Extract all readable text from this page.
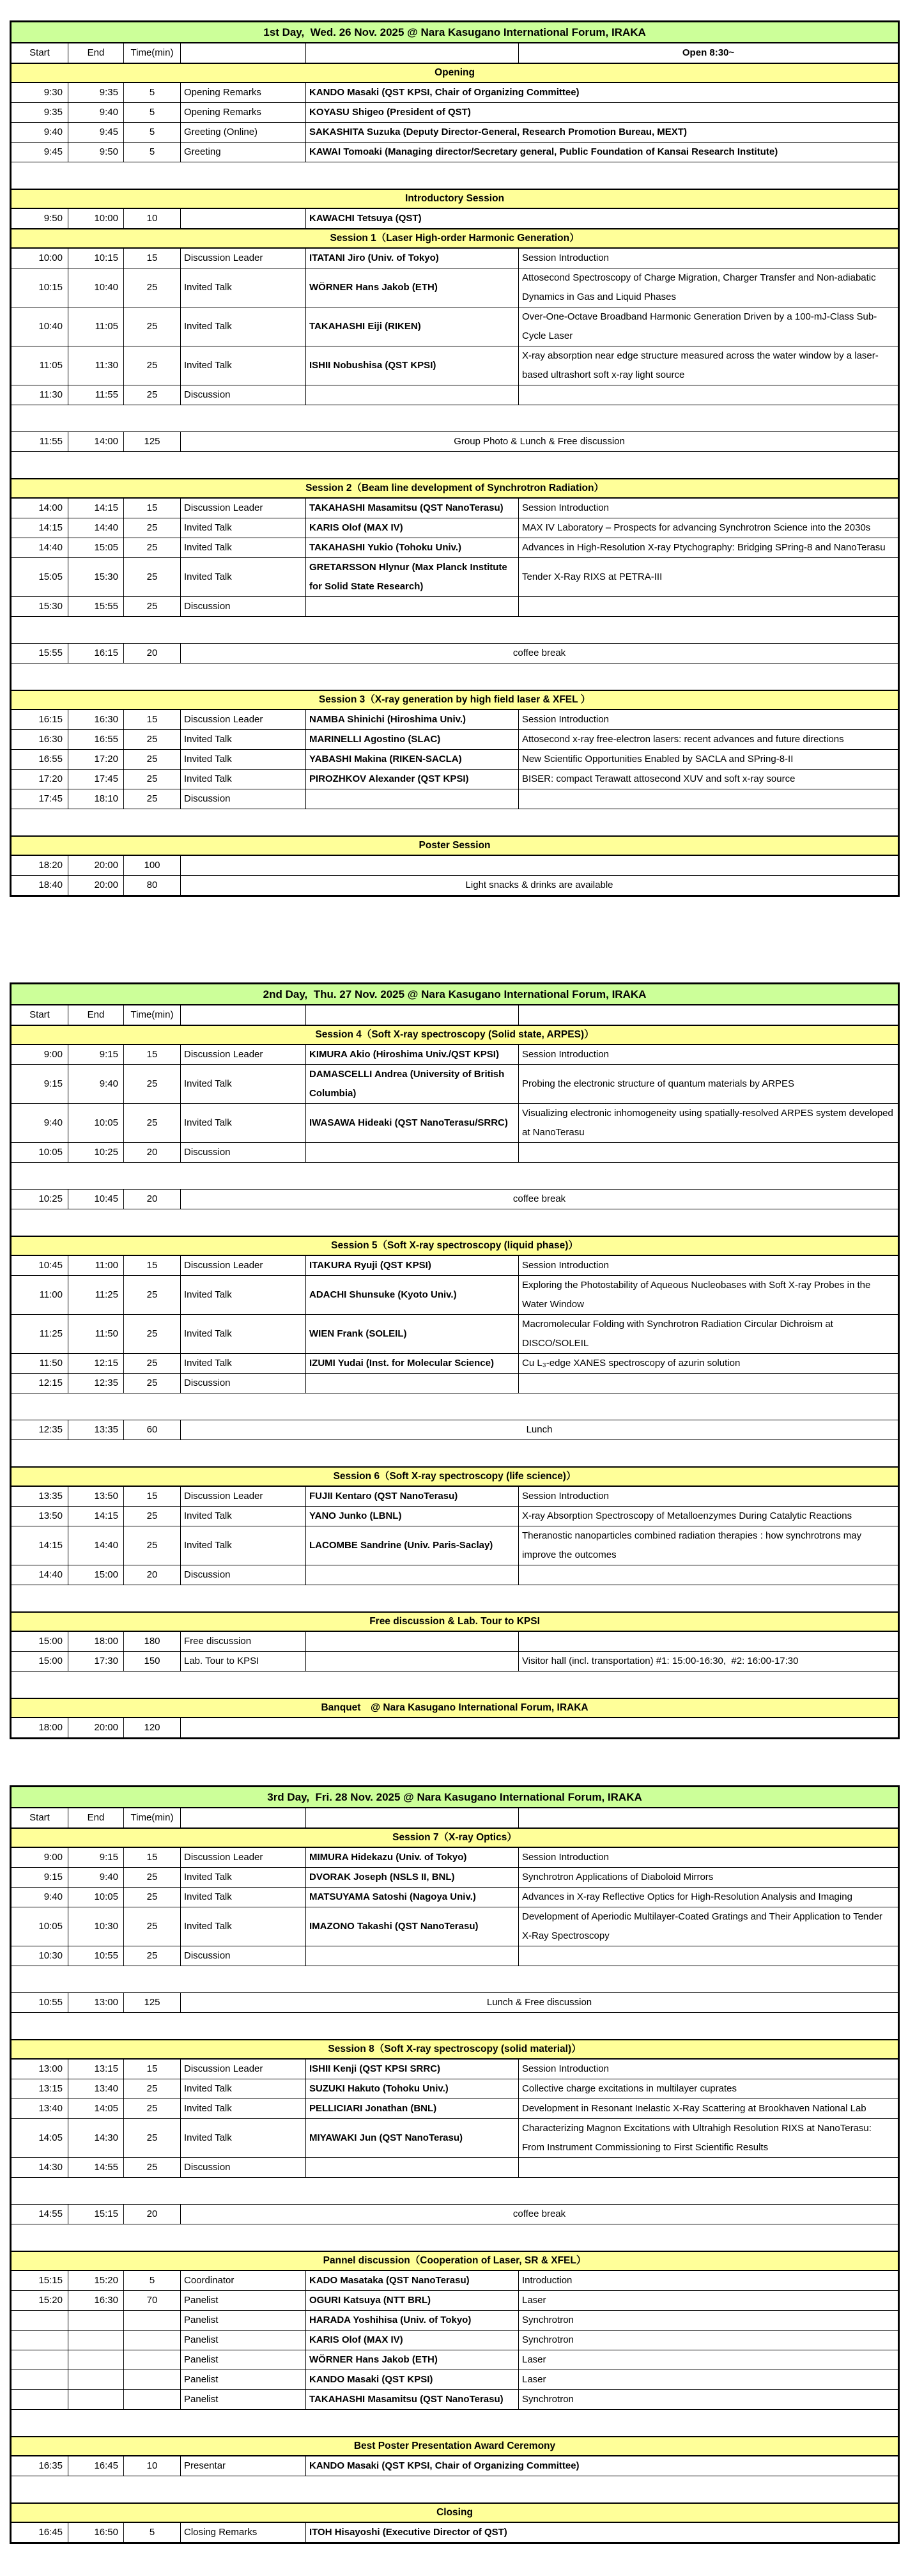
1st Day,  Wed. 26 Nov. 2025 @ Nara Kasugano International Forum, IRAKA					
Start	End	Time(min)			Open 8:30~
Opening					
9:30	9:35	5	Opening Remarks	KANDO Masaki (QST KPSI, Chair of Organizing Committee)	
9:35	9:40	5	Opening Remarks	KOYASU Shigeo (President of QST)	
9:40	9:45	5	Greeting (Online)	SAKASHITA Suzuka (Deputy Director-General, Research Promotion Bureau, MEXT)	
9:45	9:50	5	Greeting	KAWAI Tomoaki (Managing director/Secretary general, Public Foundation of Kansai Research Institute)	

Introductory Session					
9:50	10:00	10		KAWACHI Tetsuya (QST)	
Session 1（Laser High-order Harmonic Generation）					
10:00	10:15	15	Discussion Leader	ITATANI Jiro (Univ. of Tokyo)	Session Introduction
10:15	10:40	25	Invited Talk	WÖRNER Hans Jakob (ETH)	Attosecond Spectroscopy of Charge Migration, Charger Transfer and Non-adiabatic Dynamics in Gas and Liquid Phases
10:40	11:05	25	Invited Talk	TAKAHASHI Eiji (RIKEN)	Over-One-Octave Broadband Harmonic Generation Driven by a 100-mJ-Class Sub-Cycle Laser
11:05	11:30	25	Invited Talk	ISHII Nobushisa (QST KPSI)	X-ray absorption near edge structure measured across the water window by a laser-based ultrashort soft x-ray light source
11:30	11:55	25	Discussion		

11:55	14:00	125	Group Photo & Lunch & Free discussion		

Session 2（Beam line development of Synchrotron Radiation）					
14:00	14:15	15	Discussion Leader	TAKAHASHI Masamitsu (QST NanoTerasu)	Session Introduction
14:15	14:40	25	Invited Talk	KARIS Olof (MAX IV)	MAX IV Laboratory – Prospects for advancing Synchrotron Science into the 2030s
14:40	15:05	25	Invited Talk	TAKAHASHI Yukio (Tohoku Univ.)	Advances in High-Resolution X-ray Ptychography: Bridging SPring-8 and NanoTerasu
15:05	15:30	25	Invited Talk	GRETARSSON Hlynur (Max Planck Institute for Solid State Research)	Tender X-Ray RIXS at PETRA-III
15:30	15:55	25	Discussion		

15:55	16:15	20	coffee break		

Session 3（X-ray generation by high field laser & XFEL ）					
16:15	16:30	15	Discussion Leader	NAMBA Shinichi (Hiroshima Univ.)	Session Introduction
16:30	16:55	25	Invited Talk	MARINELLI Agostino (SLAC)	Attosecond x-ray free-electron lasers: recent advances and future directions
16:55	17:20	25	Invited Talk	YABASHI Makina (RIKEN-SACLA)	New Scientific Opportunities Enabled by SACLA and SPring-8-II
17:20	17:45	25	Invited Talk	PIROZHKOV Alexander (QST KPSI)	BISER: compact Terawatt attosecond XUV and soft x-ray source
17:45	18:10	25	Discussion		

Poster Session					
18:20	20:00	100			
18:40	20:00	80	Light snacks & drinks are available		
2nd Day,  Thu. 27 Nov. 2025 @ Nara Kasugano International Forum, IRAKA					
Start	End	Time(min)			
Session 4（Soft X-ray spectroscopy (Solid state, ARPES)）					
9:00	9:15	15	Discussion Leader	KIMURA Akio (Hiroshima Univ./QST KPSI)	Session Introduction
9:15	9:40	25	Invited Talk	DAMASCELLI Andrea (University of British Columbia)	Probing the electronic structure of quantum materials by ARPES
9:40	10:05	25	Invited Talk	IWASAWA Hideaki (QST NanoTerasu/SRRC)	Visualizing electronic inhomogeneity using spatially-resolved ARPES system developed at NanoTerasu
10:05	10:25	20	Discussion		

10:25	10:45	20	coffee break		

Session 5（Soft X-ray spectroscopy (liquid phase)）					
10:45	11:00	15	Discussion Leader	ITAKURA Ryuji (QST KPSI)	Session Introduction
11:00	11:25	25	Invited Talk	ADACHI Shunsuke (Kyoto Univ.)	Exploring the Photostability of Aqueous Nucleobases with Soft X-ray Probes in the Water Window
11:25	11:50	25	Invited Talk	WIEN Frank (SOLEIL)	Macromolecular Folding with Synchrotron Radiation Circular Dichroism at DISCO/SOLEIL
11:50	12:15	25	Invited Talk	IZUMI Yudai (Inst. for Molecular Science)	Cu L₃-edge XANES spectroscopy of azurin solution
12:15	12:35	25	Discussion		

12:35	13:35	60	Lunch		

Session 6（Soft X-ray spectroscopy (life science)）					
13:35	13:50	15	Discussion Leader	FUJII Kentaro (QST NanoTerasu)	Session Introduction
13:50	14:15	25	Invited Talk	YANO Junko (LBNL)	X-ray Absorption Spectroscopy of Metalloenzymes During Catalytic Reactions
14:15	14:40	25	Invited Talk	LACOMBE Sandrine (Univ. Paris-Saclay)	Theranostic nanoparticles combined radiation therapies : how synchrotrons may improve the outcomes
14:40	15:00	20	Discussion		

Free discussion & Lab. Tour to KPSI					
15:00	18:00	180	Free discussion		
15:00	17:30	150	Lab. Tour to KPSI		Visitor hall (incl. transportation) #1: 15:00-16:30,  #2: 16:00-17:30

Banquet　@ Nara Kasugano International Forum, IRAKA					
18:00	20:00	120			
3rd Day,  Fri. 28 Nov. 2025 @ Nara Kasugano International Forum, IRAKA					
Start	End	Time(min)			
Session 7（X-ray Optics）					
9:00	9:15	15	Discussion Leader	MIMURA Hidekazu (Univ. of Tokyo)	Session Introduction
9:15	9:40	25	Invited Talk	DVORAK Joseph (NSLS II, BNL)	Synchrotron Applications of Diaboloid Mirrors
9:40	10:05	25	Invited Talk	MATSUYAMA Satoshi (Nagoya Univ.)	Advances in X-ray Reflective Optics for High-Resolution Analysis and Imaging
10:05	10:30	25	Invited Talk	IMAZONO Takashi (QST NanoTerasu)	Development of Aperiodic Multilayer-Coated Gratings and Their Application to Tender X-Ray Spectroscopy
10:30	10:55	25	Discussion		

10:55	13:00	125	Lunch & Free discussion		

Session 8（Soft X-ray spectroscopy (solid material)）					
13:00	13:15	15	Discussion Leader	ISHII Kenji (QST KPSI SRRC)	Session Introduction
13:15	13:40	25	Invited Talk	SUZUKI Hakuto (Tohoku Univ.)	Collective charge excitations in multilayer cuprates
13:40	14:05	25	Invited Talk	PELLICIARI Jonathan (BNL)	Development in Resonant Inelastic X-Ray Scattering at Brookhaven National Lab
14:05	14:30	25	Invited Talk	MIYAWAKI Jun (QST NanoTerasu)	Characterizing Magnon Excitations with Ultrahigh Resolution RIXS at NanoTerasu: From Instrument Commissioning to First Scientific Results
14:30	14:55	25	Discussion		

14:55	15:15	20	coffee break		

Pannel discussion（Cooperation of Laser, SR & XFEL）					
15:15	15:20	5	Coordinator	KADO Masataka (QST NanoTerasu)	Introduction
15:20	16:30	70	Panelist	OGURI Katsuya (NTT BRL)	Laser
			Panelist	HARADA Yoshihisa (Univ. of Tokyo)	Synchrotron
			Panelist	KARIS Olof (MAX IV)	Synchrotron
			Panelist	WÖRNER Hans Jakob (ETH)	Laser
			Panelist	KANDO Masaki (QST KPSI)	Laser
			Panelist	TAKAHASHI Masamitsu (QST NanoTerasu)	Synchrotron

Best Poster Presentation Award Ceremony					
16:35	16:45	10	Presentar	KANDO Masaki (QST KPSI, Chair of Organizing Committee)	

Closing					
16:45	16:50	5	Closing Remarks	ITOH Hisayoshi (Executive Director of QST)	
